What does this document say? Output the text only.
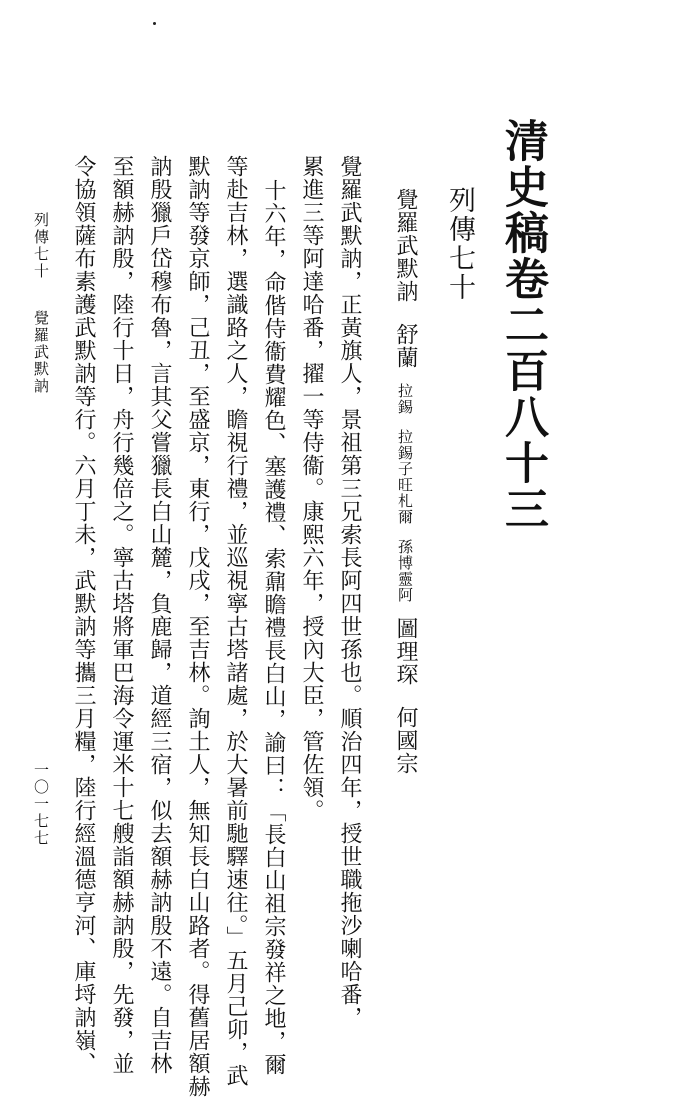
清史稿卷二百八十三
列傳七十
覺羅武默訥舒蘭拉錫拉錫子旺札爾孫博靈阿圖理琛何國宗
覺羅武默訥，正黃旗人，景祖第三兄索長阿四世孫也。順治四年，授世職拖沙喇哈番，
累進三等阿達哈番，擢一等侍衞。康熙六年，授內大臣，管佐領。
十六年，命偕侍衞費耀色、塞護禮、索鼐瞻禮長白山，諭曰：「長白山祖宗發祥之地，爾
等赴吉林，選識路之人，瞻視行禮，並巡視寧古塔諸處，於大暑前馳驛速往。」五月己卯，武
默訥等發京師，己丑，至盛京，東行，戊戌，至吉林。詢土人，無知長白山路者。得舊居額赫
訥殷獵戶岱穆布魯，言其父嘗獵長白山麓，負鹿歸，道經三宿，似去額赫訥殷不遠。自吉林
至額赫訥殷，陸行十日，舟行幾倍之。寧古塔將軍巴海令運米十七艘詣額赫訥殷，先發，並
令協領薩布素護武默訥等行。六月丁未，武默訥等攜三月糧，陸行經溫德亨河、庫埒訥嶺、
列傳七十覺羅武默訥
一〇一七七
